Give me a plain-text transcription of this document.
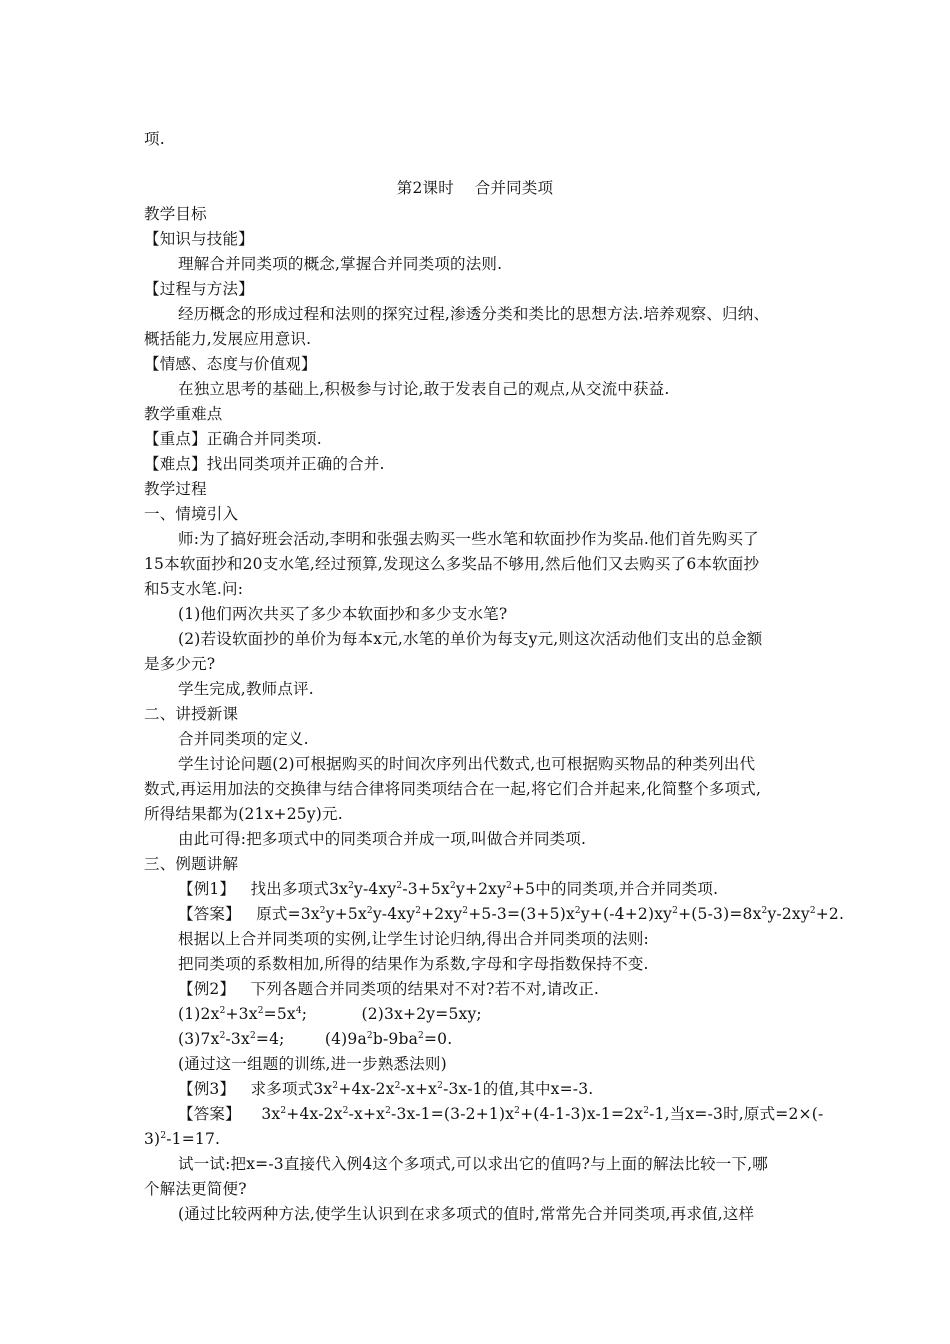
项.
第2课时　 合并同类项
教学目标
【知识与技能】
理解合并同类项的概念,掌握合并同类项的法则.
【过程与方法】
经历概念的形成过程和法则的探究过程,渗透分类和类比的思想方法.培养观察、归纳、
概括能力,发展应用意识.
【情感、态度与价值观】
在独立思考的基础上,积极参与讨论,敢于发表自己的观点,从交流中获益.
教学重难点
【重点】正确合并同类项.
【难点】找出同类项并正确的合并.
教学过程
一、情境引入
师:为了搞好班会活动,李明和张强去购买一些水笔和软面抄作为奖品.他们首先购买了
15本软面抄和20支水笔,经过预算,发现这么多奖品不够用,然后他们又去购买了6本软面抄
和5支水笔.问:
(1)他们两次共买了多少本软面抄和多少支水笔?
(2)若设软面抄的单价为每本x元,水笔的单价为每支y元,则这次活动他们支出的总金额
是多少元?
学生完成,教师点评.
二、讲授新课
合并同类项的定义.
学生讨论问题(2)可根据购买的时间次序列出代数式,也可根据购买物品的种类列出代
数式,再运用加法的交换律与结合律将同类项结合在一起,将它们合并起来,化简整个多项式,
所得结果都为(21x+25y)元.
由此可得:把多项式中的同类项合并成一项,叫做合并同类项.
三、例题讲解
【例1】 找出多项式$3x^2y-4xy^2-3+5x^2y+2xy^2+5$中的同类项,并合并同类项.
【答案】 原式$=3x^2y+5x^2y-4xy^2+2xy^2+5-3=(3+5)x^2y+(-4+2)xy^2+(5-3)=8x^2y-2xy^2+2$.
根据以上合并同类项的实例,让学生讨论归纳,得出合并同类项的法则:
把同类项的系数相加,所得的结果作为系数,字母和字母指数保持不变.
【例2】 下列各题合并同类项的结果对不对?若不对,请改正.
$(1)2x^2+3x^2=5x^4$;	(2)3x+2y=5xy;
$(3)7x^2-3x^2=4$;	$(4)9a^2b-9ba^2=0$.
(通过这一组题的训练,进一步熟悉法则)
【例3】 求多项式$3x^2+4x-2x^2-x+x^2-3x-1$的值,其中x=-3.
【答案】 $3x^2+4x-2x^2-x+x^2-3x-1=(3-2+1)x^2+(4-1-3)x-1=2x^2-1$,当x=-3时,原式=2×(-
3)$^2$-1=17.
试一试:把x=-3直接代入例4这个多项式,可以求出它的值吗?与上面的解法比较一下,哪
个解法更简便?
(通过比较两种方法,使学生认识到在求多项式的值时,常常先合并同类项,再求值,这样
